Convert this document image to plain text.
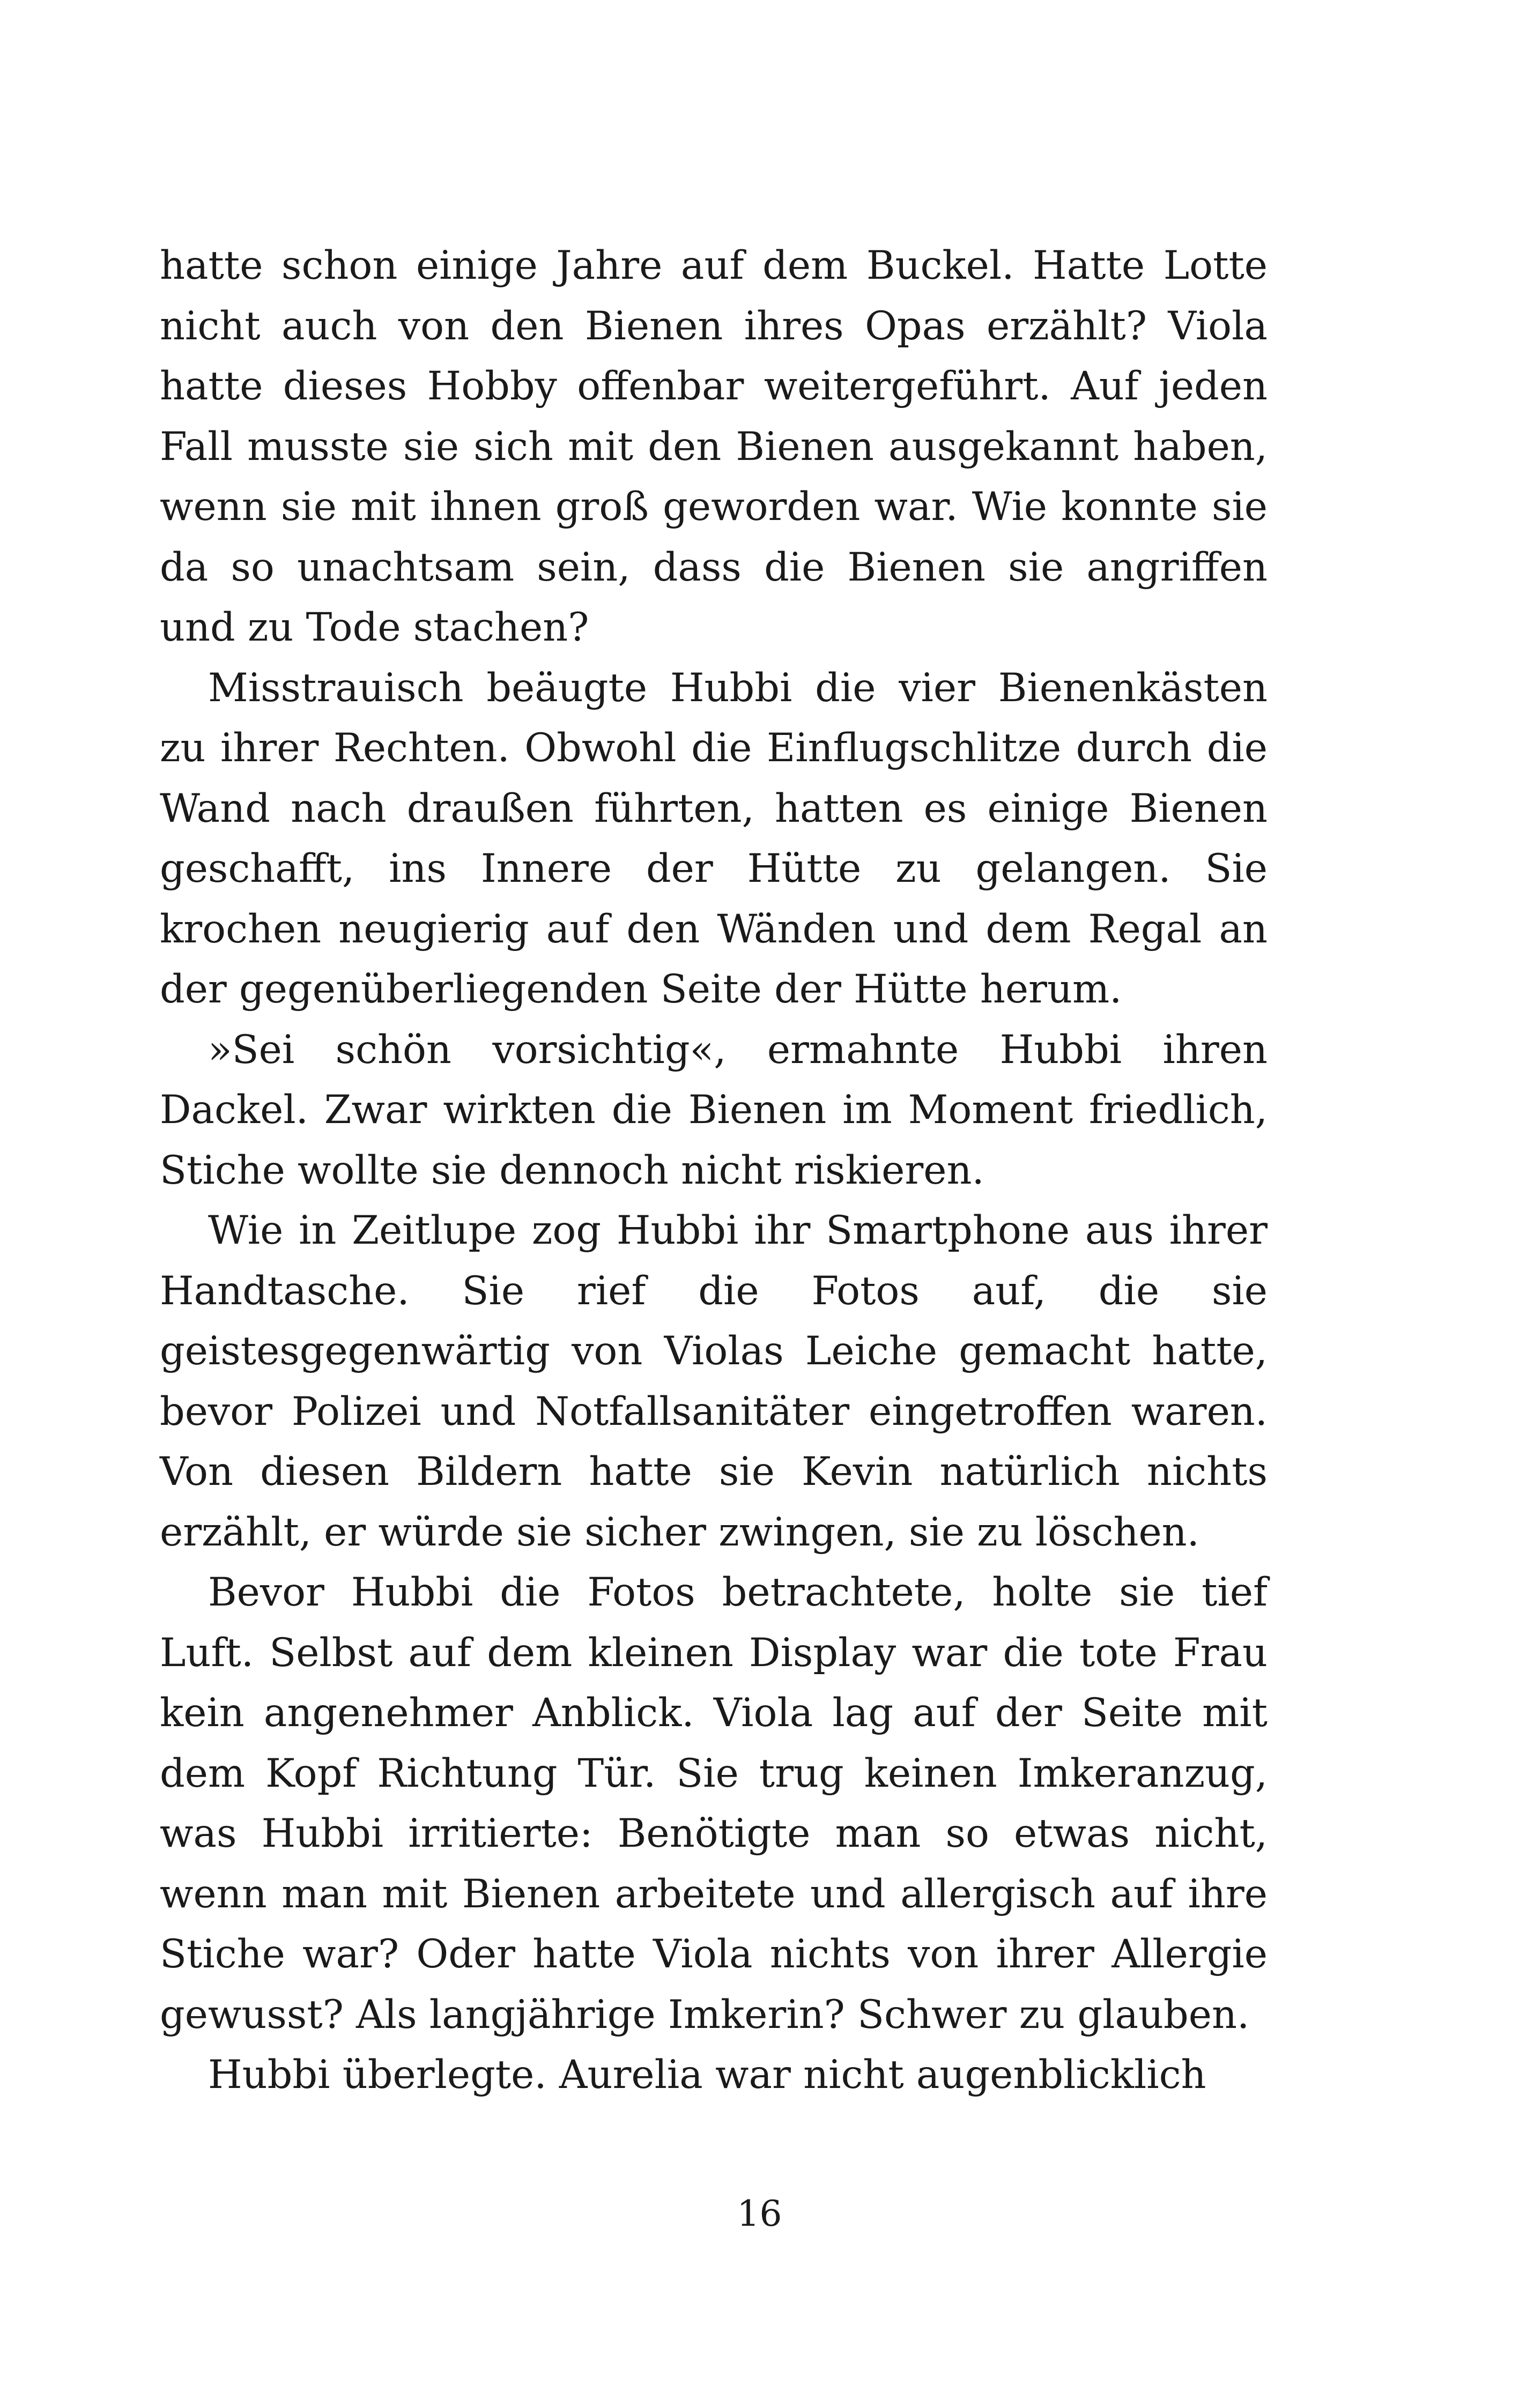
hatte schon einige Jahre auf dem Buckel. Hatte Lotte nicht auch von den Bienen ihres Opas erzählt? Viola hatte dieses Hobby offenbar weitergeführt. Auf jeden Fall musste sie sich mit den Bienen ausgekannt haben, wenn sie mit ihnen groß geworden war. Wie konnte sie da so unachtsam sein, dass die Bienen sie angriffen und zu Tode stachen?

Misstrauisch beäugte Hubbi die vier Bienenkästen zu ihrer Rechten. Obwohl die Einflugschlitze durch die Wand nach draußen führten, hatten es einige Bienen geschafft, ins Innere der Hütte zu gelangen. Sie krochen neugierig auf den Wänden und dem Regal an der gegenüberliegenden Seite der Hütte herum.

»Sei schön vorsichtig«, ermahnte Hubbi ihren Dackel. Zwar wirkten die Bienen im Moment friedlich, Stiche wollte sie dennoch nicht riskieren.

Wie in Zeitlupe zog Hubbi ihr Smartphone aus ihrer Handtasche. Sie rief die Fotos auf, die sie geistesgegenwärtig von Violas Leiche gemacht hatte, bevor Polizei und Notfallsanitäter eingetroffen waren. Von diesen Bildern hatte sie Kevin natürlich nichts erzählt, er würde sie sicher zwingen, sie zu löschen.

Bevor Hubbi die Fotos betrachtete, holte sie tief Luft. Selbst auf dem kleinen Display war die tote Frau kein angenehmer Anblick. Viola lag auf der Seite mit dem Kopf Richtung Tür. Sie trug keinen Imkeranzug, was Hubbi irritierte: Benötigte man so etwas nicht, wenn man mit Bienen arbeitete und allergisch auf ihre Stiche war? Oder hatte Viola nichts von ihrer Allergie gewusst? Als langjährige Imkerin? Schwer zu glauben.

Hubbi überlegte. Aurelia war nicht augenblicklich

16
